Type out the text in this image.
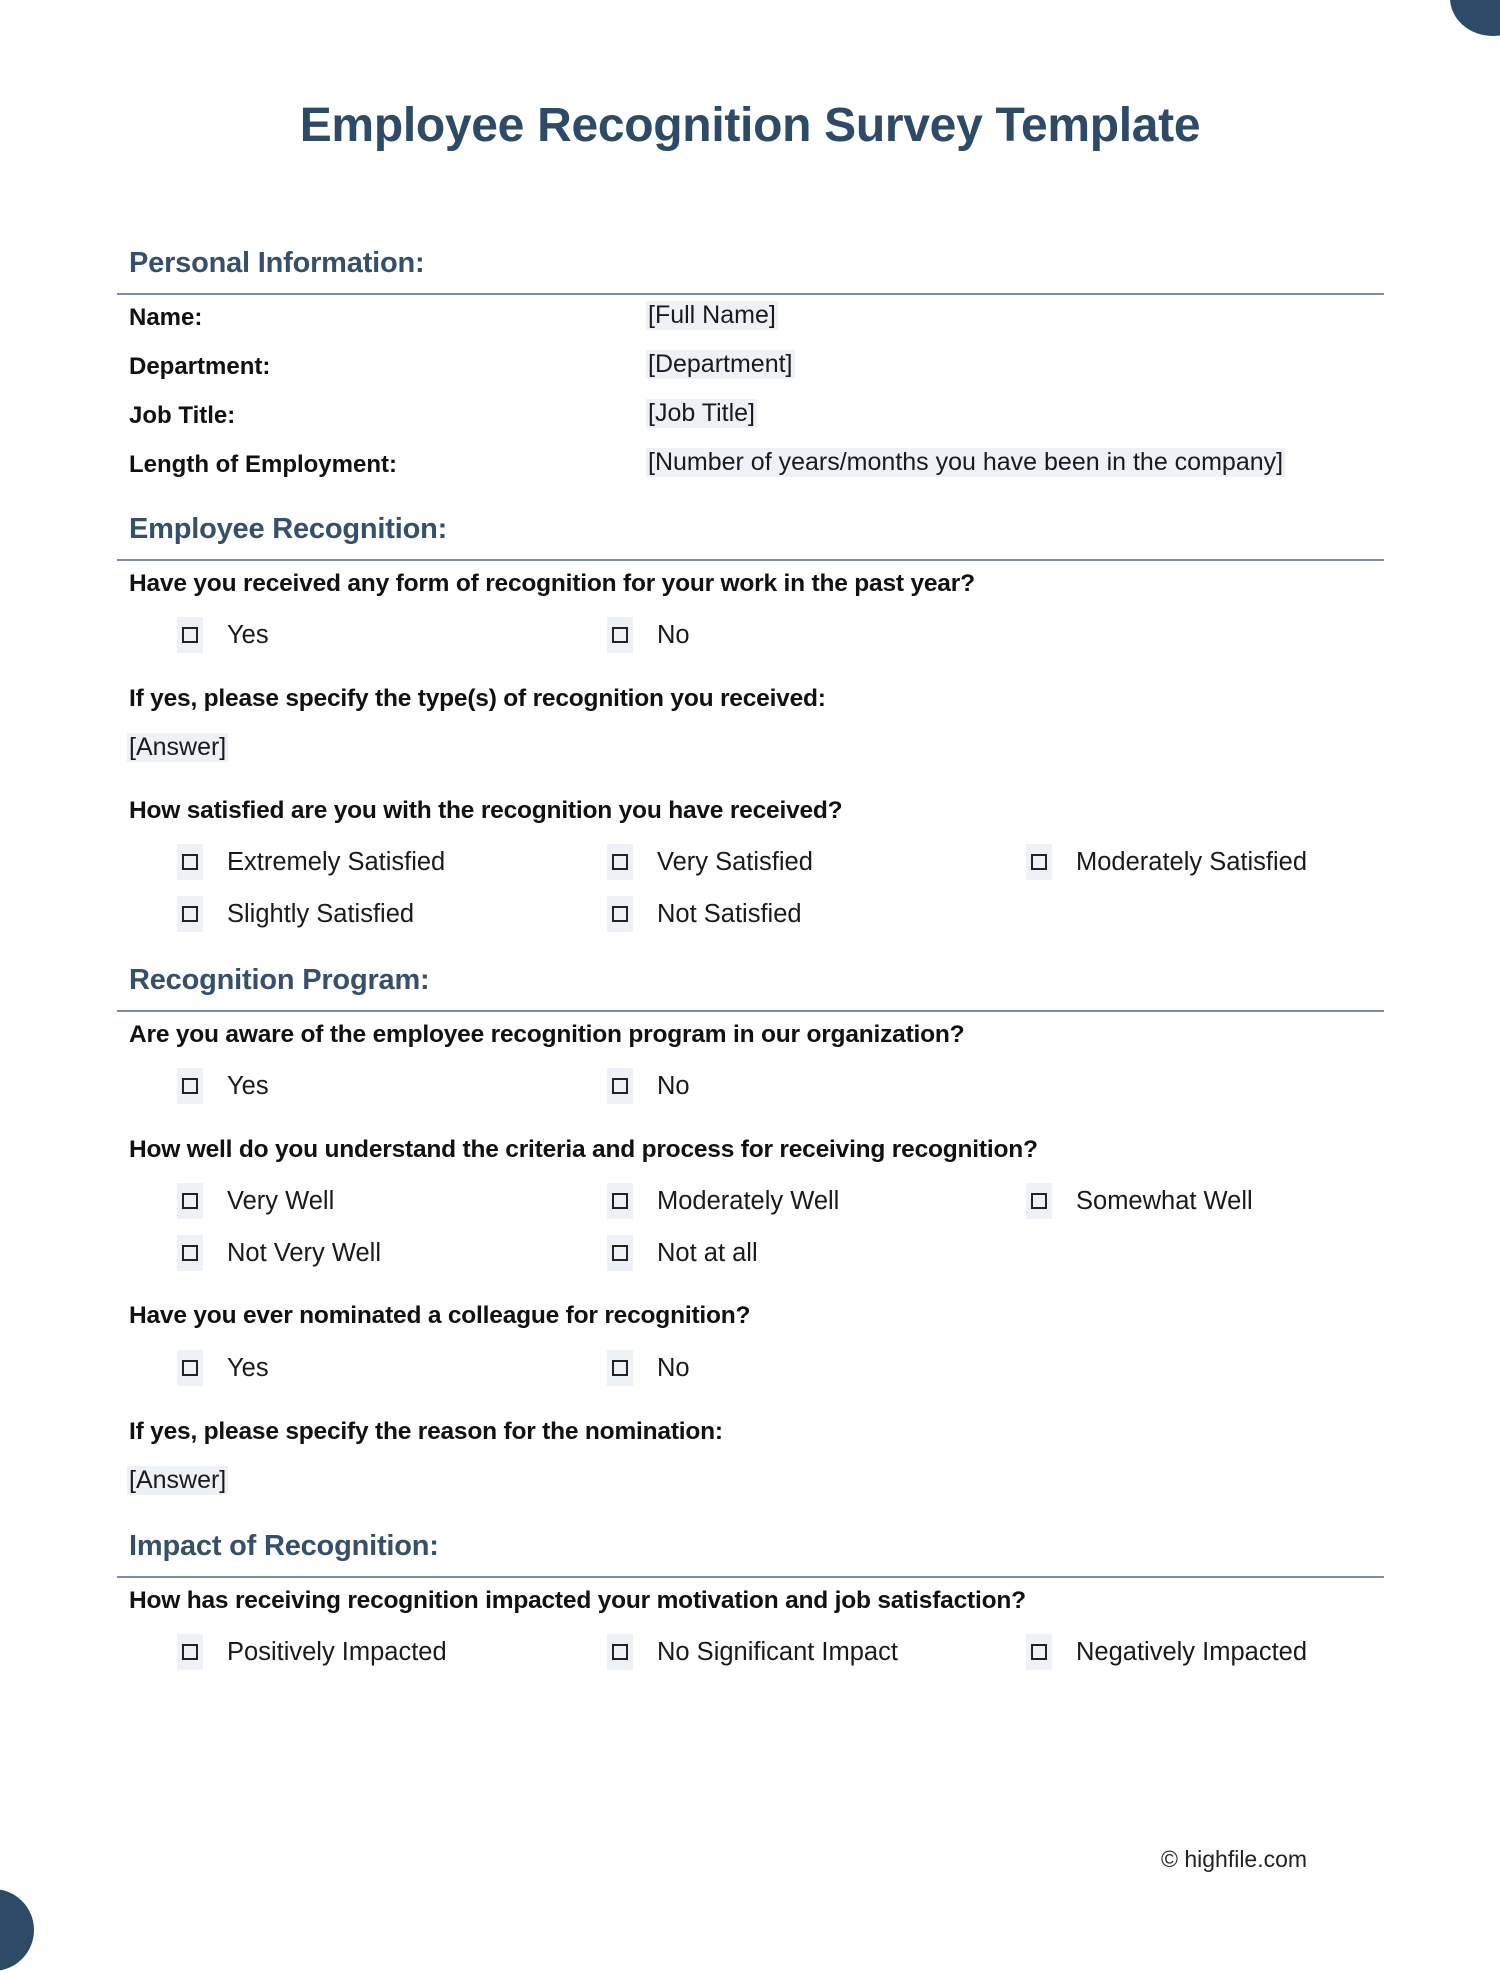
Employee Recognition Survey Template
Personal Information:
Name:	[Full Name]
Department:	[Department]
Job Title:	[Job Title]
Length of Employment:	[Number of years/months you have been in the company]
Employee Recognition:
Have you received any form of recognition for your work in the past year?
Yes	No
If yes, please specify the type(s) of recognition you received:
[Answer]
How satisfied are you with the recognition you have received?
Extremely Satisfied	Very Satisfied	Moderately Satisfied
Slightly Satisfied	Not Satisfied
Recognition Program:
Are you aware of the employee recognition program in our organization?
Yes	No
How well do you understand the criteria and process for receiving recognition?
Very Well	Moderately Well	Somewhat Well
Not Very Well	Not at all
Have you ever nominated a colleague for recognition?
Yes	No
If yes, please specify the reason for the nomination:
[Answer]
Impact of Recognition:
How has receiving recognition impacted your motivation and job satisfaction?
Positively Impacted	No Significant Impact	Negatively Impacted
© highfile.com
